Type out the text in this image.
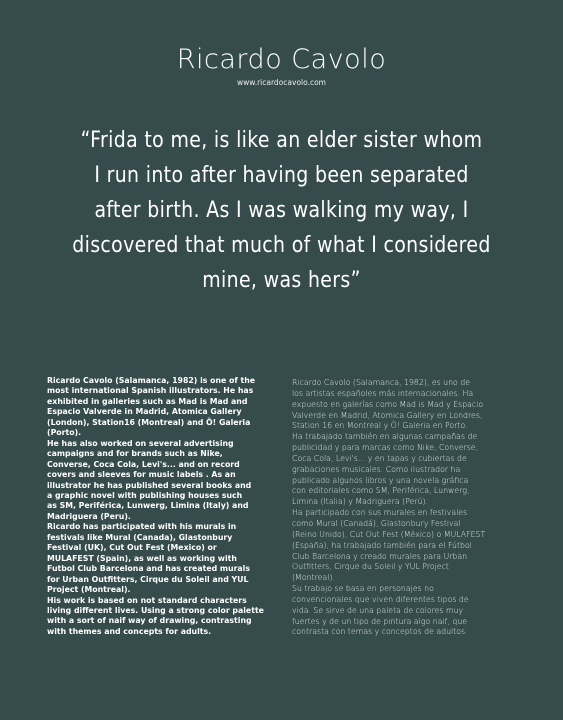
Ricardo Cavolo
www.ricardocavolo.com
“Frida to me, is like an elder sister whom
I run into after having been separated
after birth. As I was walking my way, I
discovered that much of what I considered
mine, was hers”

Ricardo Cavolo (Salamanca, 1982) is one of the
most international Spanish illustrators. He has
exhibited in galleries such as Mad is Mad and
Espacio Valverde in Madrid, Atomica Gallery
(London), Station16 (Montreal) and Ô! Galeria
(Porto).

He has also worked on several advertising
campaigns and for brands such as Nike,
Converse, Coca Cola, Levi's... and on record
covers and sleeves for music labels . As an
illustrator he has published several books and
a graphic novel with publishing houses such
as SM, Periférica, Lunwerg, Limina (Italy) and
Madriguera (Peru).

Ricardo has participated with his murals in
festivals like Mural (Canada), Glastonbury
Festival (UK), Cut Out Fest (Mexico) or
MULAFEST (Spain), as well as working with
Futbol Club Barcelona and has created murals
for Urban Outfitters, Cirque du Soleil and YUL
Project (Montreal).

His work is based on not standard characters
living different lives. Using a strong color palette
with a sort of naif way of drawing, contrasting
with themes and concepts for adults.

Ricardo Cavolo (Salamanca, 1982), es uno de
los artistas españoles más internacionales. Ha
expuesto en galerías como Mad is Mad y Espacio
Valverde en Madrid, Atomica Gallery en Londres,
Station 16 en Montreal y Ô! Galeria en Porto.

Ha trabajado también en algunas campañas de
publicidad y para marcas como Nike, Converse,
Coca Cola, Levi's... y en tapas y cubiertas de
grabaciones musicales. Como ilustrador ha
publicado algunos libros y una novela gráfica
con editoriales como SM, Periférica, Lunwerg,
Limina (Italia) y Madriguera (Perú).

Ha participado con sus murales en festivales
como Mural (Canadá), Glastonbury Festival
(Reino Unido), Cut Out Fest (México) o MULAFEST
(España), ha trabajado también para el Fútbol
Club Barcelona y creado murales para Urban
Outfitters, Cirque du Soleil y YUL Project
(Montreal).

Su trabajo se basa en personajes no
convencionales que viven diferentes tipos de
vida. Se sirve de una paleta de colores muy
fuertes y de un tipo de pintura algo naif, que
contrasta con temas y conceptos de adultos.
